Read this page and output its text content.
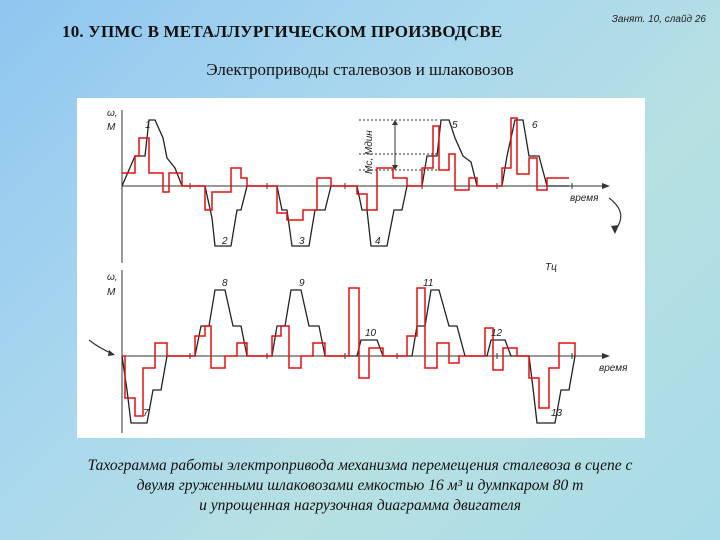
10. УПМС В МЕТАЛЛУРГИЧЕСКОМ ПРОИЗВОДСВЕ
Занят. 10, слайд 26
Электроприводы сталевозов и шлаковозов
ω,
M
время
Mc, Mдин
1
2	3	4
5	6
ω,
M
время
Tц
7
8	9
10
11
12
13
Тахограмма работы электропривода механизма перемещения сталевоза в сцепе с
двумя груженными шлаковозами емкостью 16 м³ и думпкаром 80 т
и упрощенная нагрузочная диаграмма двигателя
